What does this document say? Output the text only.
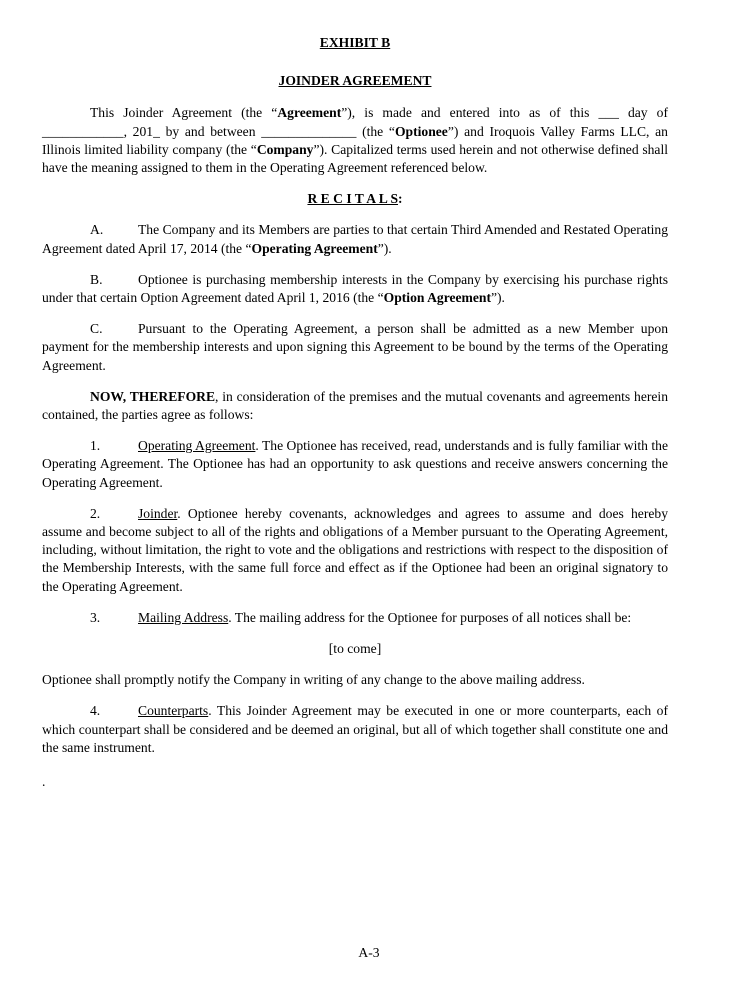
EXHIBIT B
JOINDER AGREEMENT

This Joinder Agreement (the “Agreement”), is made and entered into as of this ___ day of ____________, 201_ by and between ______________ (the “Optionee”) and Iroquois Valley Farms LLC, an Illinois limited liability company (the “Company”). Capitalized terms used herein and not otherwise defined shall have the meaning assigned to them in the Operating Agreement referenced below.

R E C I T A L S:

A.	The Company and its Members are parties to that certain Third Amended and Restated Operating Agreement dated April 17, 2014 (the “Operating Agreement”).

B.	Optionee is purchasing membership interests in the Company by exercising his purchase rights under that certain Option Agreement dated April 1, 2016 (the “Option Agreement”).

C.	Pursuant to the Operating Agreement, a person shall be admitted as a new Member upon payment for the membership interests and upon signing this Agreement to be bound by the terms of the Operating Agreement.

NOW, THEREFORE, in consideration of the premises and the mutual covenants and agreements herein contained, the parties agree as follows:

1.	Operating Agreement. The Optionee has received, read, understands and is fully familiar with the Operating Agreement. The Optionee has had an opportunity to ask questions and receive answers concerning the Operating Agreement.

2.	Joinder. Optionee hereby covenants, acknowledges and agrees to assume and does hereby assume and become subject to all of the rights and obligations of a Member pursuant to the Operating Agreement, including, without limitation, the right to vote and the obligations and restrictions with respect to the disposition of the Membership Interests, with the same full force and effect as if the Optionee had been an original signatory to the Operating Agreement.

3.	Mailing Address. The mailing address for the Optionee for purposes of all notices shall be:

[to come]

Optionee shall promptly notify the Company in writing of any change to the above mailing address.

4.	Counterparts. This Joinder Agreement may be executed in one or more counterparts, each of which counterpart shall be considered and be deemed an original, but all of which together shall constitute one and the same instrument.

.

A-3
